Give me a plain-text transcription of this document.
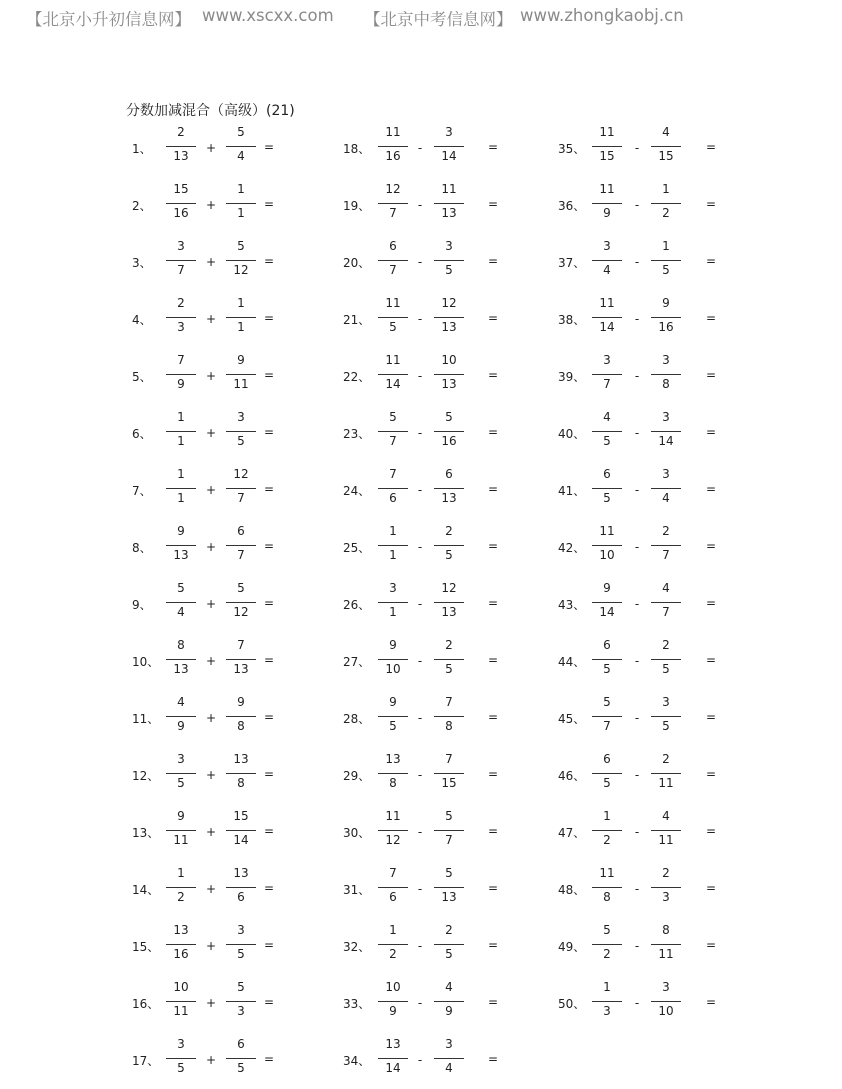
【北京小升初信息网】 www.xscxx.com 【北京中考信息网】 www.zhongkaobj.cn
分数加减混合（高级）(21)
1、
2
13
+
5
4
=
2、
15
16
+
1
1
=
3、
3
7
+
5
12
=
4、
2
3
+
1
1
=
5、
7
9
+
9
11
=
6、
1
1
+
3
5
=
7、
1
1
+
12
7
=
8、
9
13
+
6
7
=
9、
5
4
+
5
12
=
10、
8
13
+
7
13
=
11、
4
9
+
9
8
=
12、
3
5
+
13
8
=
13、
9
11
+
15
14
=
14、
1
2
+
13
6
=
15、
13
16
+
3
5
=
16、
10
11
+
5
3
=
17、
3
5
+
6
5
=
18、
11
16
-
3
14
=
19、
12
7
-
11
13
=
20、
6
7
-
3
5
=
21、
11
5
-
12
13
=
22、
11
14
-
10
13
=
23、
5
7
-
5
16
=
24、
7
6
-
6
13
=
25、
1
1
-
2
5
=
26、
3
1
-
12
13
=
27、
9
10
-
2
5
=
28、
9
5
-
7
8
=
29、
13
8
-
7
15
=
30、
11
12
-
5
7
=
31、
7
6
-
5
13
=
32、
1
2
-
2
5
=
33、
10
9
-
4
9
=
34、
13
14
-
3
4
=
35、
11
15
-
4
15
=
36、
11
9
-
1
2
=
37、
3
4
-
1
5
=
38、
11
14
-
9
16
=
39、
3
7
-
3
8
=
40、
4
5
-
3
14
=
41、
6
5
-
3
4
=
42、
11
10
-
2
7
=
43、
9
14
-
4
7
=
44、
6
5
-
2
5
=
45、
5
7
-
3
5
=
46、
6
5
-
2
11
=
47、
1
2
-
4
11
=
48、
11
8
-
2
3
=
49、
5
2
-
8
11
=
50、
1
3
-
3
10
=
